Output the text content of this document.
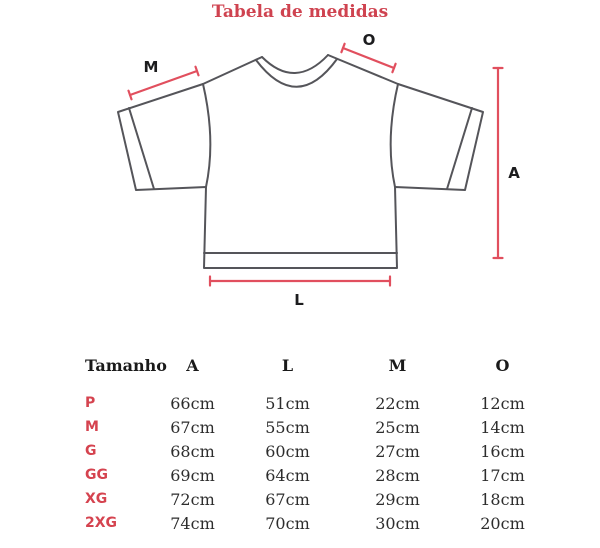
Tabela de medidas
M
O
A
L
Tamanho	A	L	M	O
P	66cm	51cm	22cm	12cm
M	67cm	55cm	25cm	14cm
G	68cm	60cm	27cm	16cm
GG	69cm	64cm	28cm	17cm
XG	72cm	67cm	29cm	18cm
2XG	74cm	70cm	30cm	20cm
